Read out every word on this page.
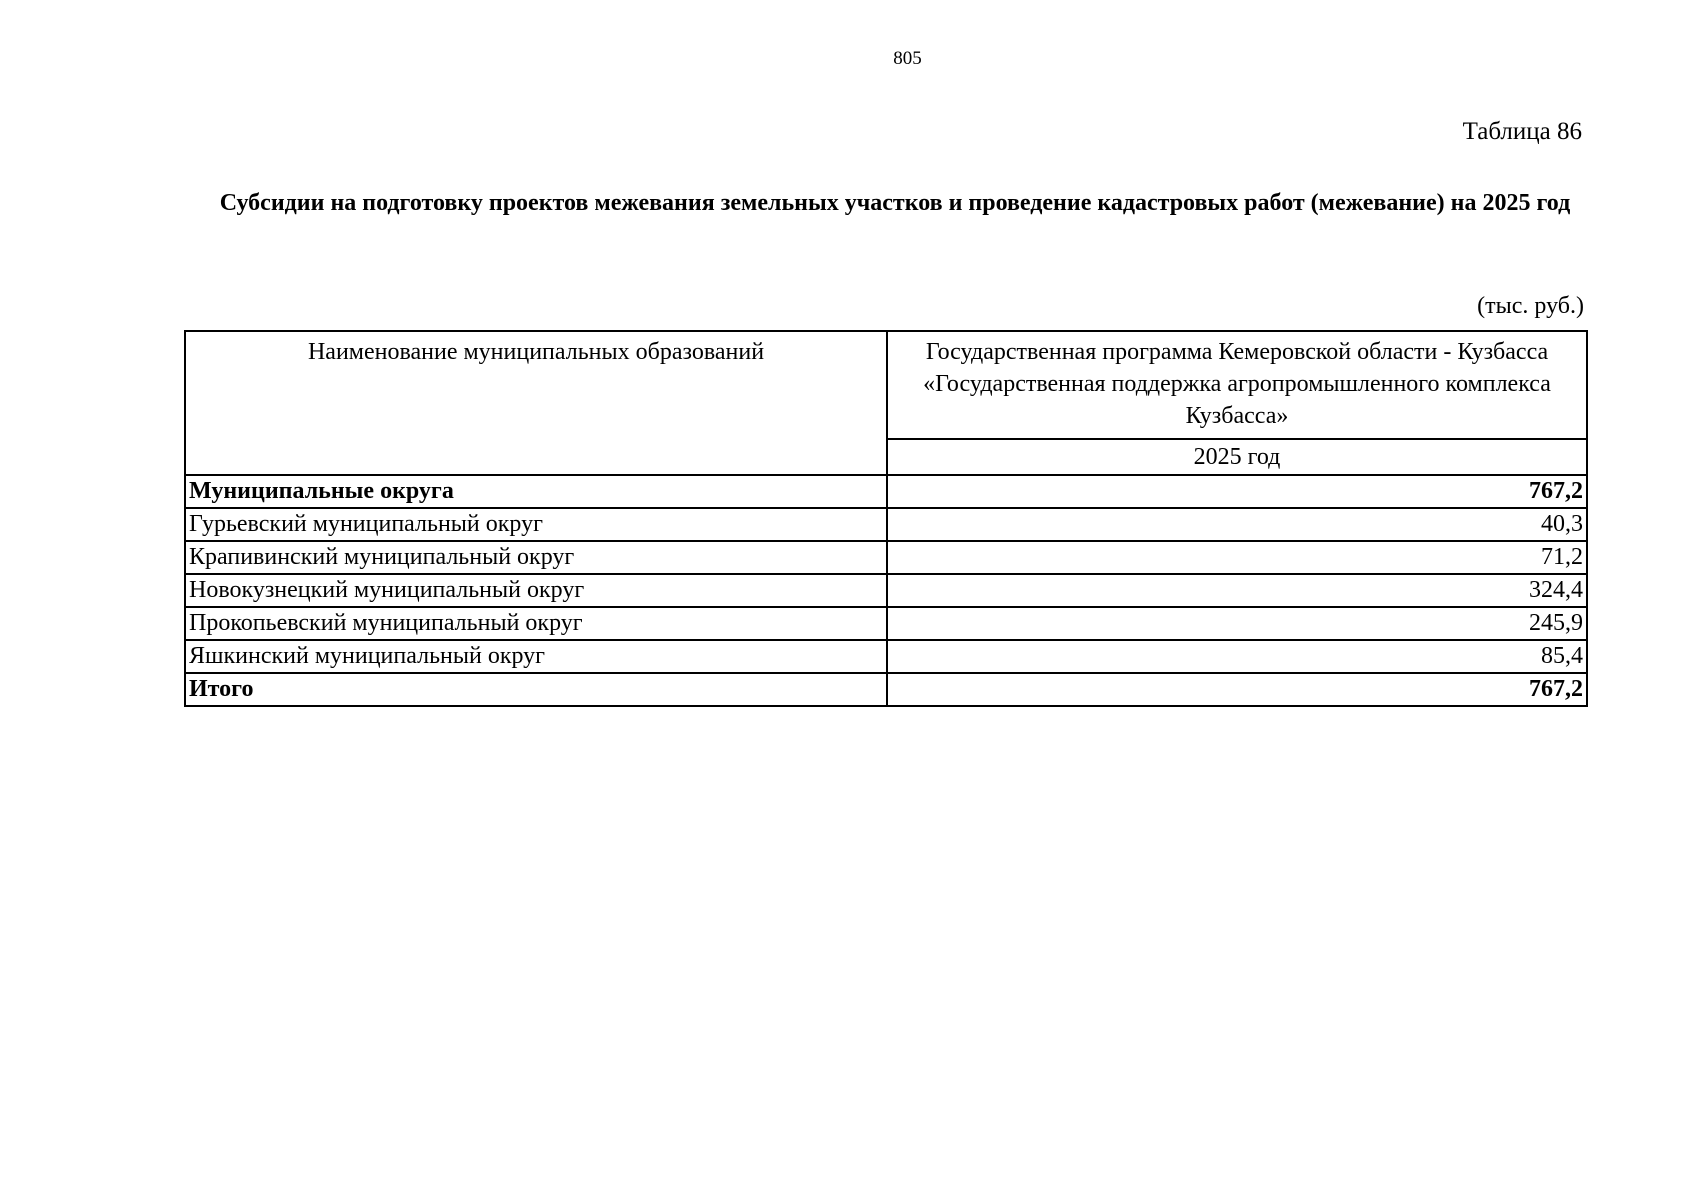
805
Таблица 86
Субсидии на подготовку проектов межевания земельных участков и проведение кадастровых работ (межевание) на 2025 год
(тыс. руб.)
Наименование муниципальных образований	Государственная программа Кемеровской области - Кузбасса «Государственная поддержка агропромышленного комплекса Кузбасса»
	2025 год
Муниципальные округа	767,2
Гурьевский муниципальный округ	40,3
Крапивинский муниципальный округ	71,2
Новокузнецкий муниципальный округ	324,4
Прокопьевский муниципальный округ	245,9
Яшкинский муниципальный округ	85,4
Итого	767,2
